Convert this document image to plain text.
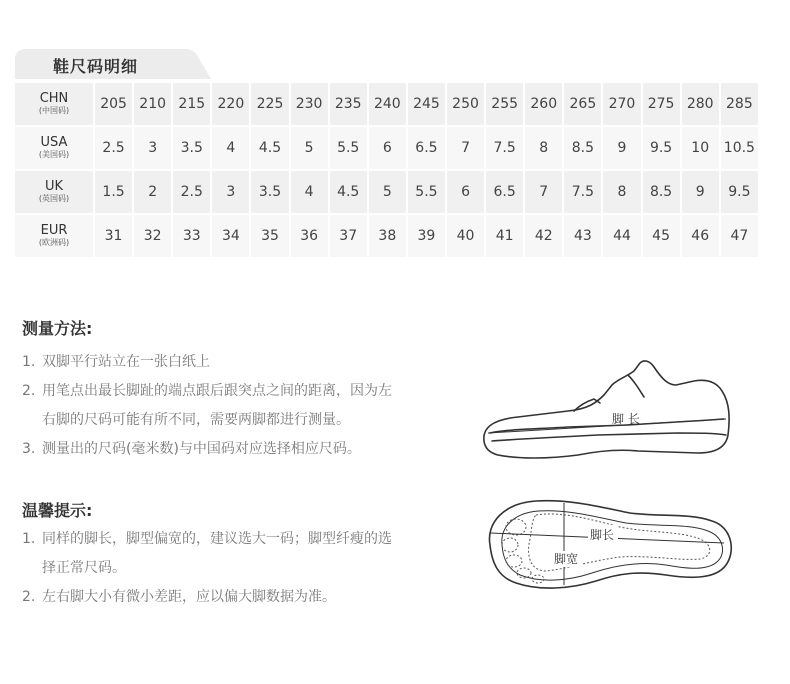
鞋尺码明细
CHN
(中国码)	205	210	215	220	225	230	235	240	245	250	255	260	265	270	275	280	285

USA
(美国码)	2.5	3	3.5	4	4.5	5	5.5	6	6.5	7	7.5	8	8.5	9	9.5	10	10.5

UK
(英国码)	1.5	2	2.5	3	3.5	4	4.5	5	5.5	6	6.5	7	7.5	8	8.5	9	9.5

EUR
(欧洲码)	31	32	33	34	35	36	37	38	39	40	41	42	43	44	45	46	47
测量方法:
1. 双脚平行站立在一张白纸上
2. 用笔点出最长脚趾的端点跟后跟突点之间的距离，因为左
右脚的尺码可能有所不同，需要两脚都进行测量。
3. 测量出的尺码(毫米数)与中国码对应选择相应尺码。
温馨提示:
1. 同样的脚长，脚型偏宽的，建议选大一码；脚型纤瘦的选
择正常尺码。
2. 左右脚大小有微小差距，应以偏大脚数据为准。
脚 长
脚长
脚宽
